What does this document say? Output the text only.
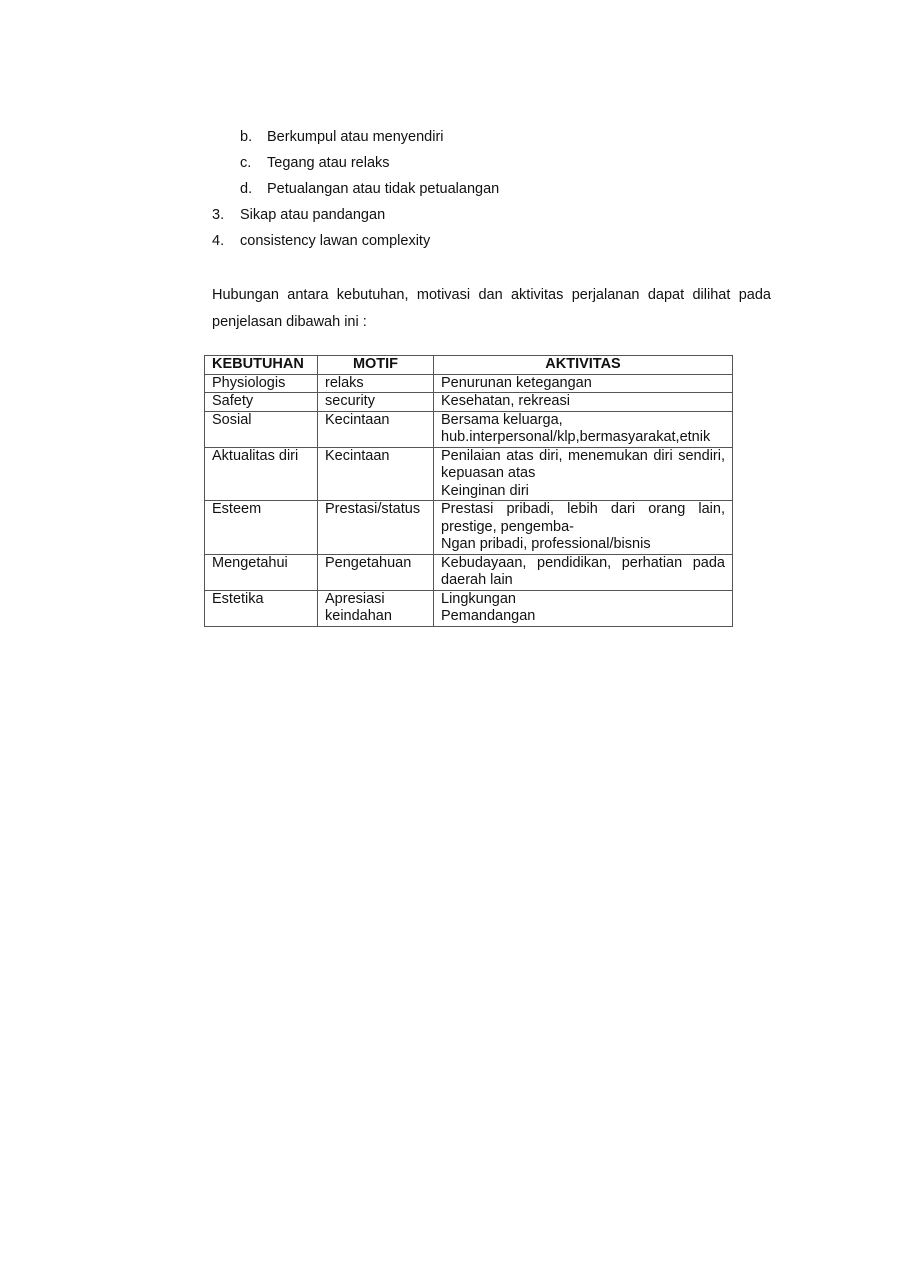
b. Berkumpul atau menyendiri
c. Tegang atau relaks
d. Petualangan atau tidak petualangan
3. Sikap atau pandangan
4. consistency lawan complexity
Hubungan antara kebutuhan, motivasi dan aktivitas perjalanan dapat dilihat pada penjelasan dibawah ini :
KEBUTUHAN	MOTIF	AKTIVITAS
Physiologis	relaks	Penurunan ketegangan

Safety	security	Kesehatan, rekreasi

Sosial	Kecintaan	Bersama keluarga, hub.interpersonal/klp,bermasyarakat,etnik

Aktualitas diri	Kecintaan	Penilaian atas diri, menemukan diri sendiri, kepuasan atas
Keinginan diri

Esteem	Prestasi/status	Prestasi pribadi, lebih dari orang lain, prestige, pengemba-
Ngan pribadi, professional/bisnis

Mengetahui	Pengetahuan	Kebudayaan, pendidikan, perhatian pada daerah lain

Estetika	Apresiasi keindahan	Lingkungan
Pemandangan
